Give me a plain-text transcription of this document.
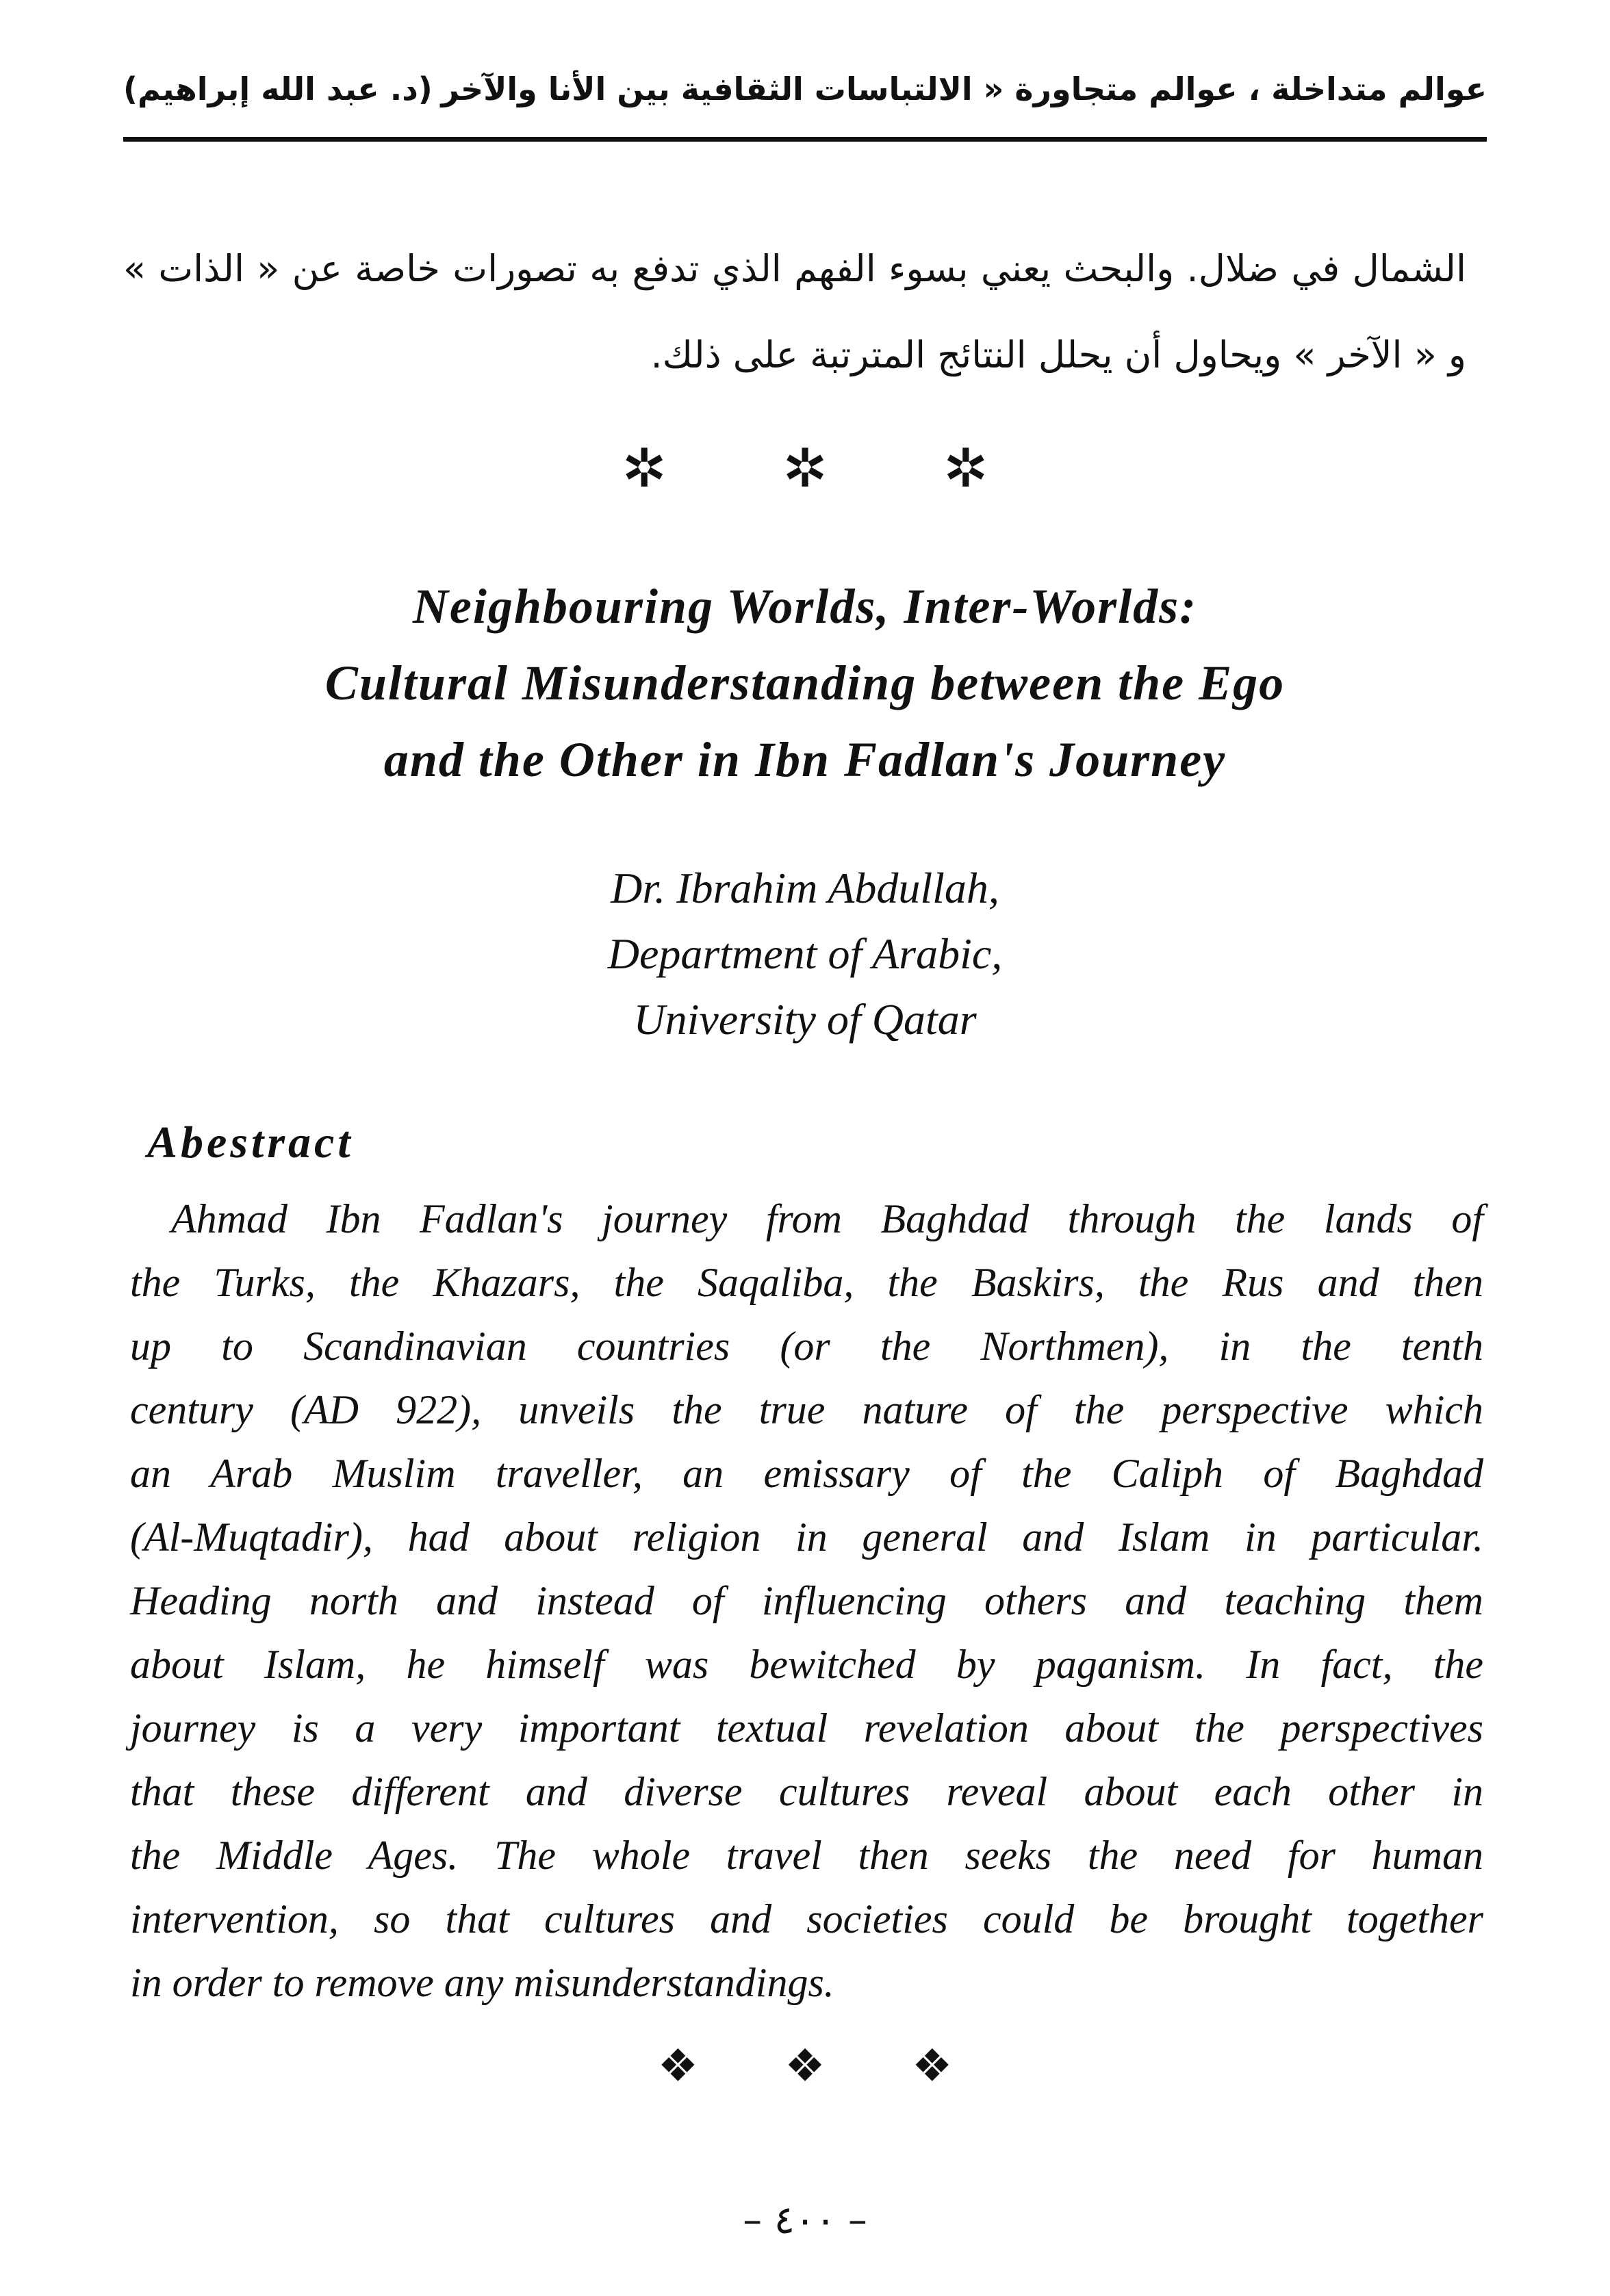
عوالم متداخلة ، عوالم متجاورة « الالتباسات الثقافية بين الأنا والآخر
(د. عبد الله إبراهيم)
الشمال في ضلال. والبحث يعني بسوء الفهم الذي تدفع به تصورات خاصة عن « الذات » و « الآخر » ويحاول أن يحلل النتائج المترتبة على ذلك.
✲ ✲ ✲
Neighbouring Worlds, Inter-Worlds:
Cultural Misunderstanding between the Ego
and the Other in Ibn Fadlan's Journey
Dr. Ibrahim Abdullah,
Department of Arabic,
University of Qatar
Abestract
Ahmad Ibn Fadlan's journey from Baghdad through the lands of
the Turks, the Khazars, the Saqaliba, the Baskirs, the Rus and then
up to Scandinavian countries (or the Northmen), in the tenth
century (AD 922), unveils the true nature of the perspective which
an Arab Muslim traveller, an emissary of the Caliph of Baghdad
(Al-Muqtadir), had about religion in general and Islam in particular.
Heading north and instead of influencing others and teaching them
about Islam, he himself was bewitched by paganism. In fact, the
journey is a very important textual revelation about the perspectives
that these different and diverse cultures reveal about each other in
the Middle Ages. The whole travel then seeks the need for human
intervention, so that cultures and societies could be brought together
in order to remove any misunderstandings.
❖ ❖ ❖
– ٤٠٠ –
